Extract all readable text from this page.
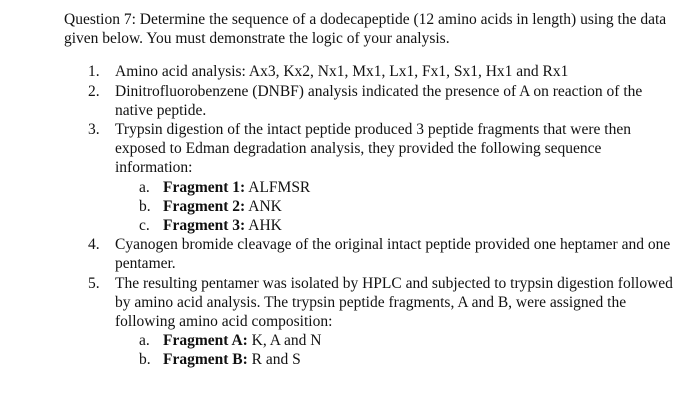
Question 7: Determine the sequence of a dodecapeptide (12 amino acids in length) using the data given below. You must demonstrate the logic of your analysis.

1. Amino acid analysis: Ax3, Kx2, Nx1, Mx1, Lx1, Fx1, Sx1, Hx1 and Rx1
2. Dinitrofluorobenzene (DNBF) analysis indicated the presence of A on reaction of the native peptide.
3. Trypsin digestion of the intact peptide produced 3 peptide fragments that were then exposed to Edman degradation analysis, they provided the following sequence information:
a. Fragment 1: ALFMSR
b. Fragment 2: ANK
c. Fragment 3: AHK
4. Cyanogen bromide cleavage of the original intact peptide provided one heptamer and one pentamer.
5. The resulting pentamer was isolated by HPLC and subjected to trypsin digestion followed by amino acid analysis. The trypsin peptide fragments, A and B, were assigned the following amino acid composition:
a. Fragment A: K, A and N
b. Fragment B: R and S
